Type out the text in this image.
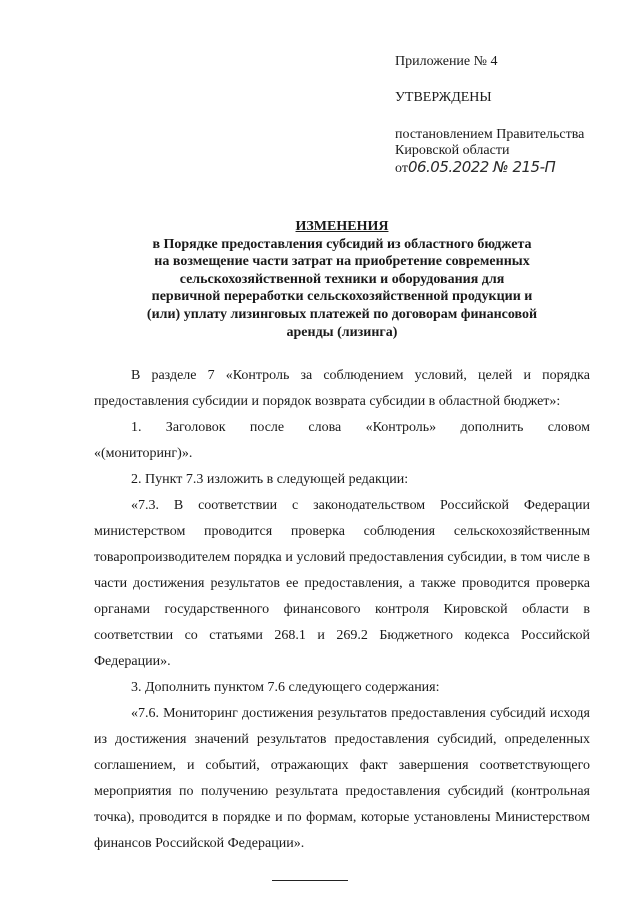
Приложение № 4
УТВЕРЖДЕНЫ
постановлением Правительства
Кировской области
от06.05.2022 № 215-П
ИЗМЕНЕНИЯ
в Порядке предоставления субсидий из областного бюджета
на возмещение части затрат на приобретение современных
сельскохозяйственной техники и оборудования для
первичной переработки сельскохозяйственной продукции и
(или) уплату лизинговых платежей по договорам финансовой
аренды (лизинга)

В разделе 7 «Контроль за соблюдением условий, целей и порядка предоставления субсидии и порядок возврата субсидии в областной бюджет»:

1. Заголовок после слова «Контроль» дополнить словом

«(мониторинг)».

2. Пункт 7.3 изложить в следующей редакции:

«7.3. В соответствии с законодательством Российской Федерации министерством проводится проверка соблюдения сельскохозяйственным товаропроизводителем порядка и условий предоставления субсидии, в том числе в части достижения результатов ее предоставления, а также проводится проверка органами государственного финансового контроля Кировской области в соответствии со статьями 268.1 и 269.2 Бюджетного кодекса Российской Федерации».

3. Дополнить пунктом 7.6 следующего содержания:

«7.6. Мониторинг достижения результатов предоставления субсидий исходя из достижения значений результатов предоставления субсидий, определенных соглашением, и событий, отражающих факт завершения соответствующего мероприятия по получению результата предоставления субсидий (контрольная точка), проводится в порядке и по формам, которые установлены Министерством финансов Российской Федерации».
